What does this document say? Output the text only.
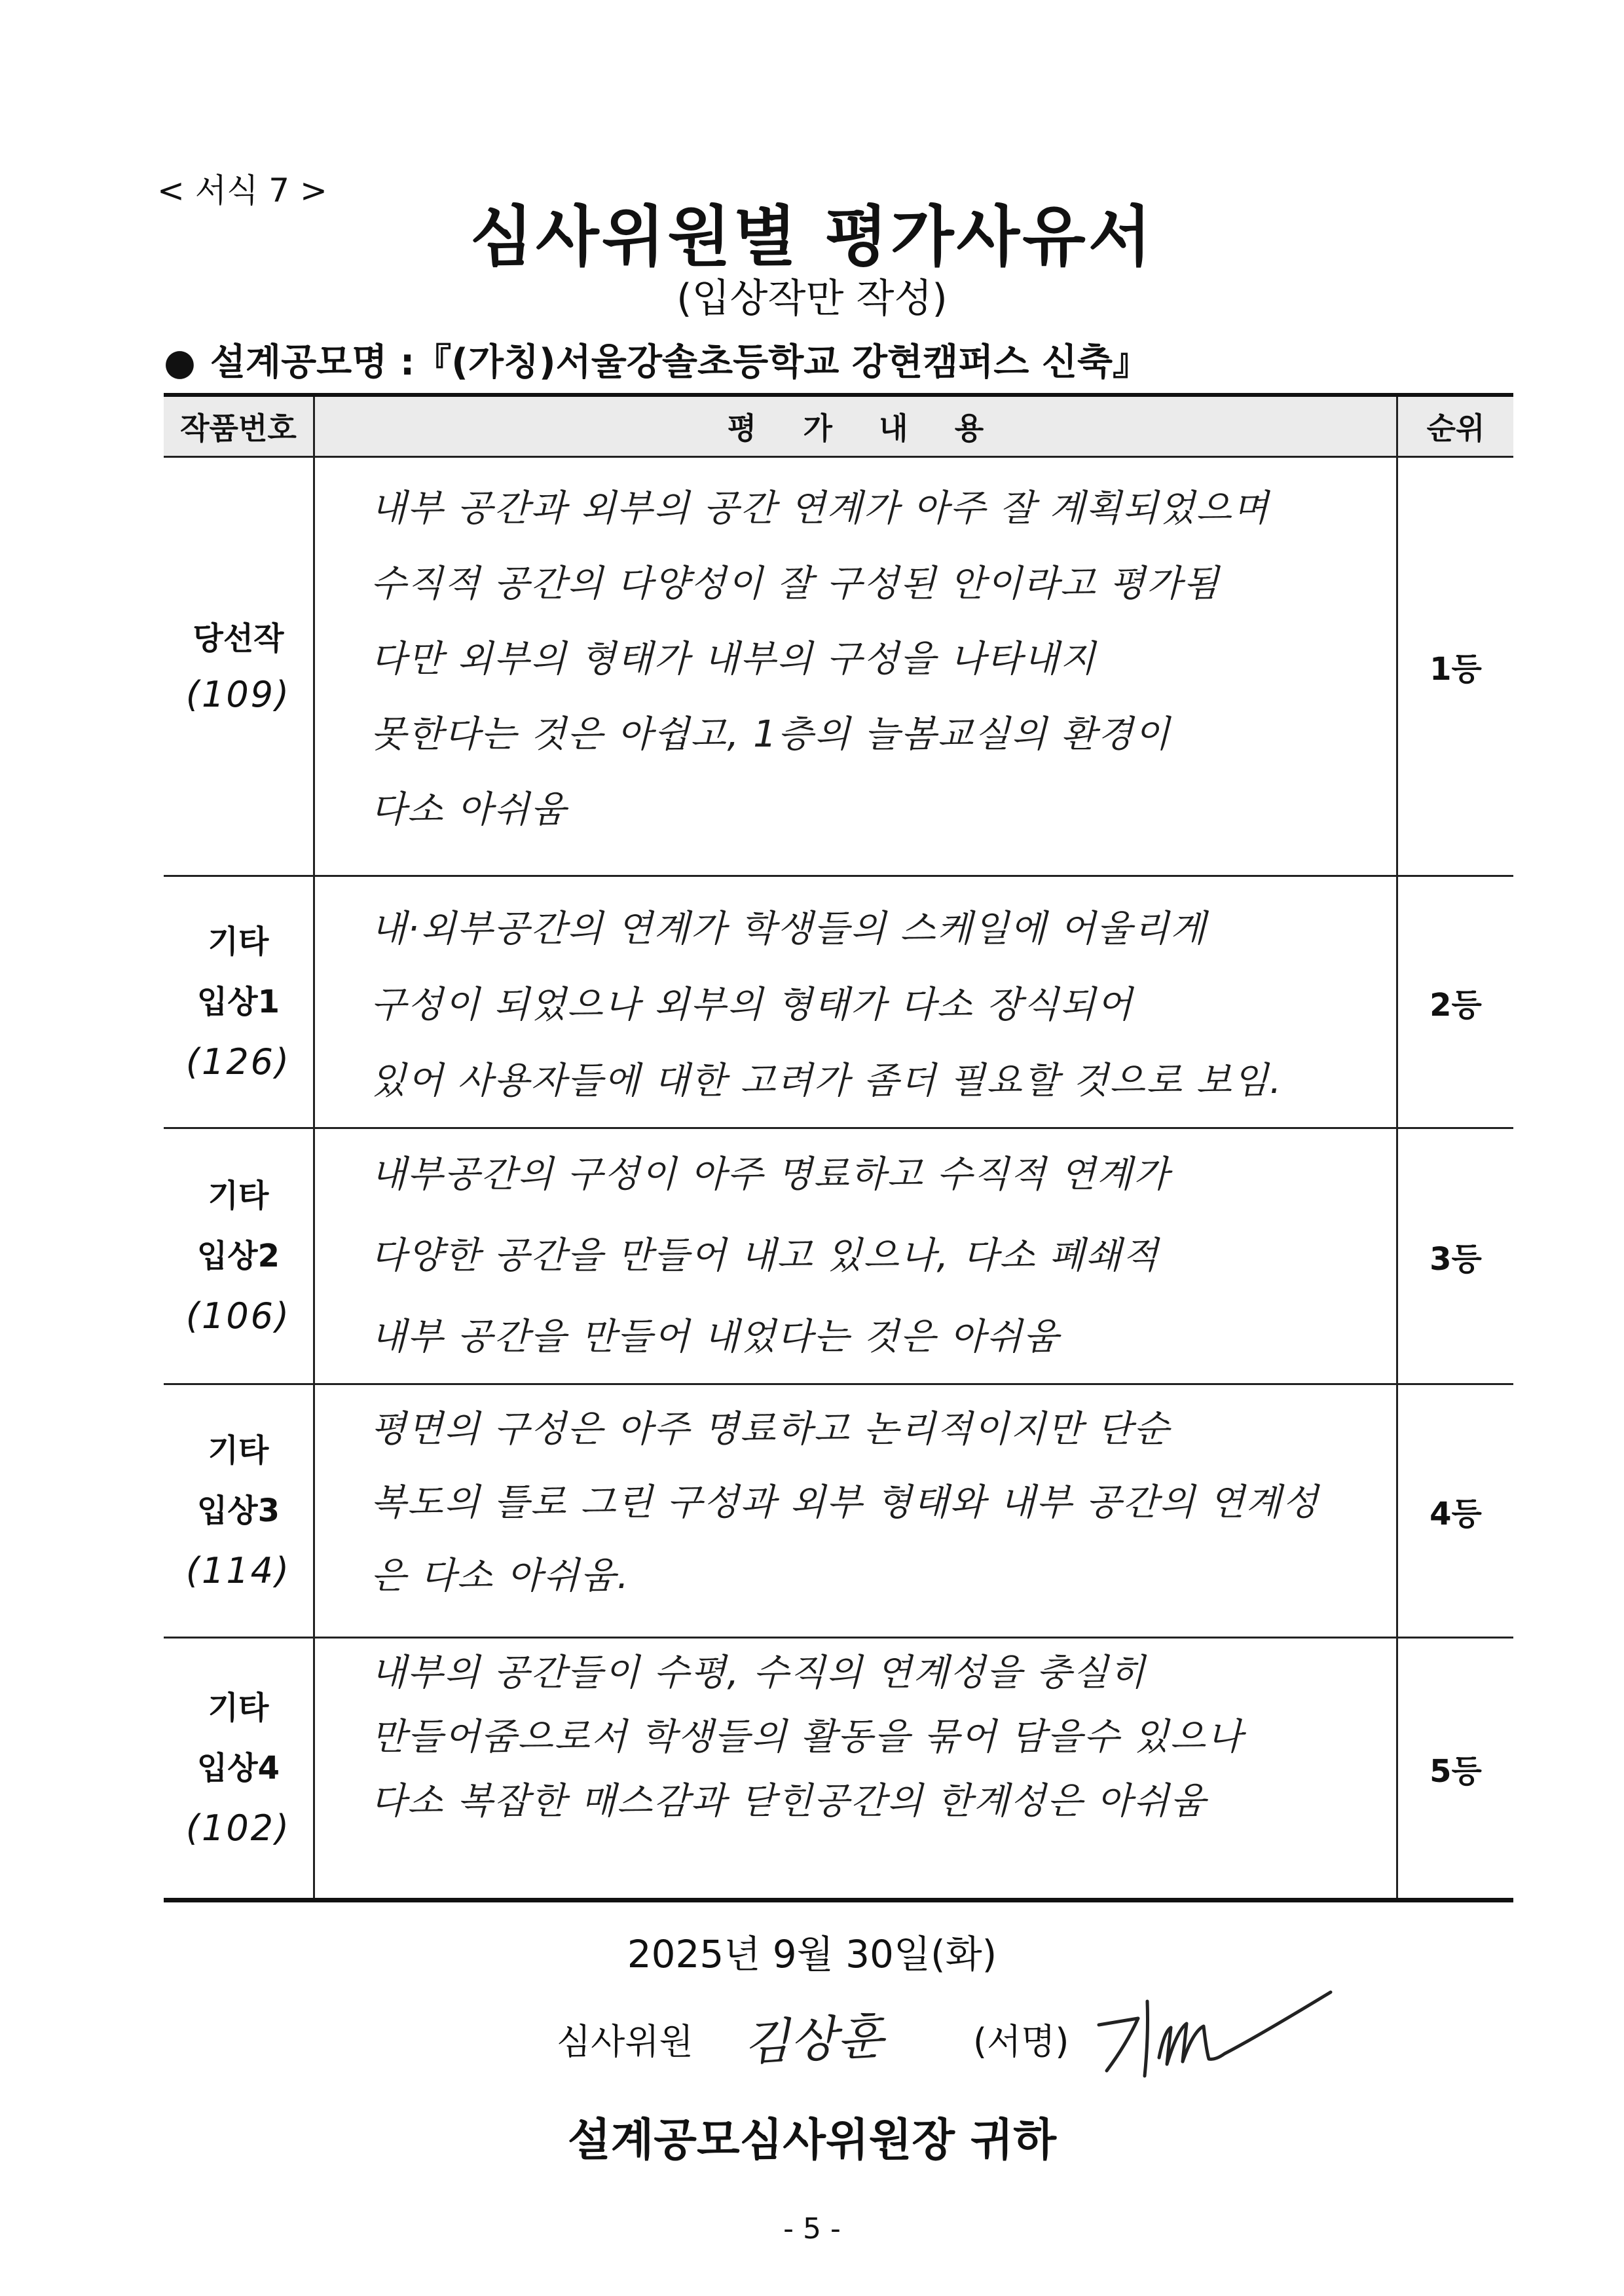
< 서식 7 >
심사위원별 평가사유서
(입상작만 작성)
● 설계공모명 :『(가칭)서울강솔초등학교 강현캠퍼스 신축』
작품번호	평 가 내 용	순위
당선작
(109)
내부 공간과 외부의 공간 연계가 아주 잘 계획되었으며
수직적 공간의 다양성이 잘 구성된 안이라고 평가됨
다만 외부의 형태가 내부의 구성을 나타내지
못한다는 것은 아쉽고, 1층의 늘봄교실의 환경이
다소 아쉬움
1등
기타
입상1
(126)
내·외부공간의 연계가 학생들의 스케일에 어울리게
구성이 되었으나 외부의 형태가 다소 장식되어
있어 사용자들에 대한 고려가 좀더 필요할 것으로 보임.
2등
기타
입상2
(106)
내부공간의 구성이 아주 명료하고 수직적 연계가
다양한 공간을 만들어 내고 있으나, 다소 폐쇄적
내부 공간을 만들어 내었다는 것은 아쉬움
3등
기타
입상3
(114)
평면의 구성은 아주 명료하고 논리적이지만 단순
복도의 틀로 그린 구성과 외부 형태와 내부 공간의 연계성
은 다소 아쉬움.
4등
기타
입상4
(102)
내부의 공간들이 수평, 수직의 연계성을 충실히
만들어줌으로서 학생들의 활동을 묶어 담을수 있으나
다소 복잡한 매스감과 닫힌공간의 한계성은 아쉬움
5등
2025년 9월 30일(화)
심사위원 김상훈 (서명)
설계공모심사위원장 귀하
- 5 -
